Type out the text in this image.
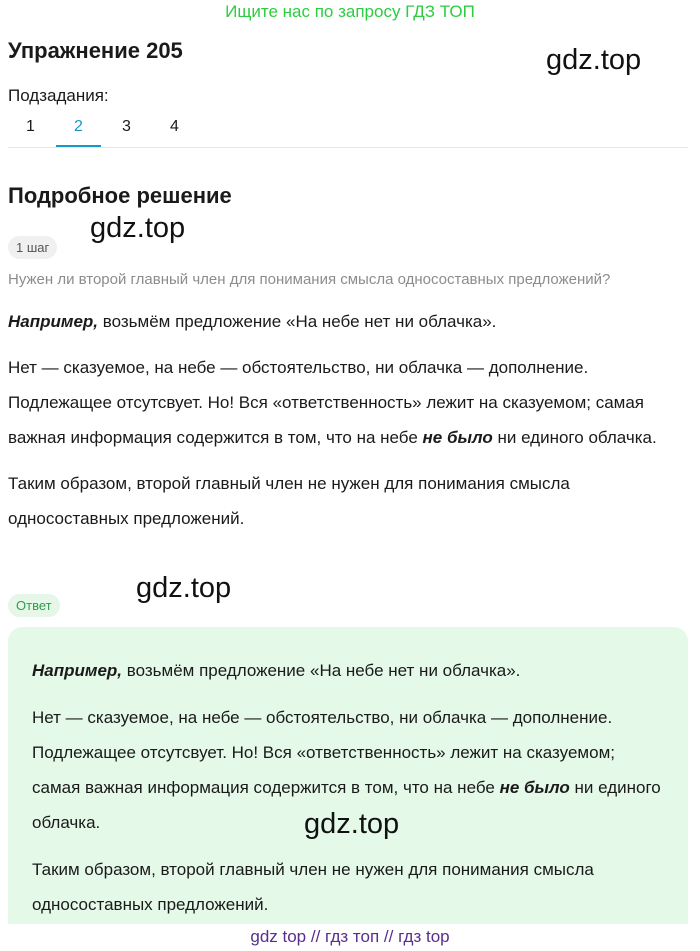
Ищите нас по запросу ГДЗ ТОП
Упражнение 205	gdz.top
Подзадания:
1	2	3	4
Подробное решение
1 шаг
gdz.top
Нужен ли второй главный член для понимания смысла односоставных предложений?

Например, возьмём предложение «На небе нет ни облачка».

Нет — сказуемое, на небе — обстоятельство, ни облачка — дополнение. Подлежащее отсутсвует. Но! Вся «ответственность» лежит на сказуемом; самая важная информация содержится в том, что на небе не было ни единого облачка.

Таким образом, второй главный член не нужен для понимания смысла односоставных предложений.

gdz.top
Ответ

Например, возьмём предложение «На небе нет ни облачка».

Нет — сказуемое, на небе — обстоятельство, ни облачка — дополнение. Подлежащее отсутсвует. Но! Вся «ответственность» лежит на сказуемом; самая важная информация содержится в том, что на небе не было ни единого облачка.

Таким образом, второй главный член не нужен для понимания смысла односоставных предложений.

gdz.top
gdz top // гдз топ // гдз top
